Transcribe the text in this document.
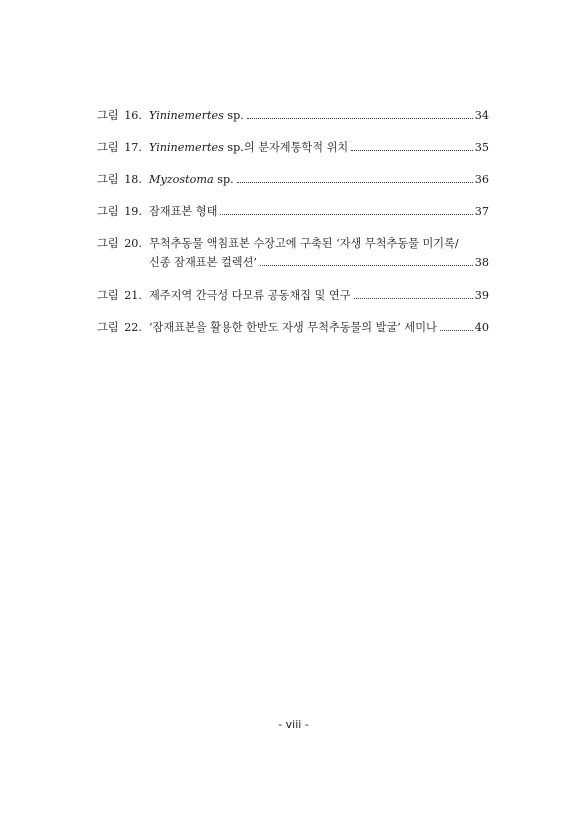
그림 16. Yininemertes sp.	34
그림 17. Yininemertes sp.의 분자계통학적 위치	35
그림 18. Myzostoma sp.	36
그림 19. 잠재표본 형태	37
그림 20. 무척추동물 액침표본 수장고에 구축된 ‘자생 무척추동물 미기록/
신종 잠재표본 컬렉션’	38
그림 21. 제주지역 간극성 다모류 공동채집 및 연구	39
그림 22. ‘잠재표본을 활용한 한반도 자생 무척추동물의 발굴’ 세미나	40
- viii -
